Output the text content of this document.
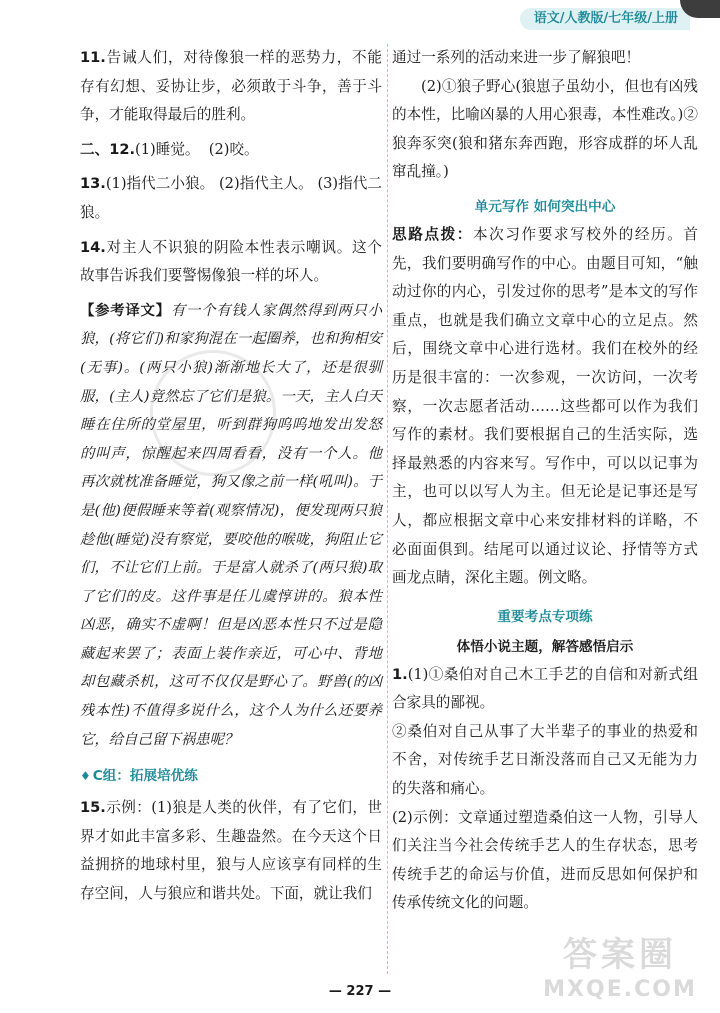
语文/人教版/七年级/上册

11.告诫人们，对待像狼一样的恶势力，不能存有幻想、妥协让步，必须敢于斗争，善于斗争，才能取得最后的胜利。

二、12.(1)睡觉。  (2)咬。

13.(1)指代二小狼。 (2)指代主人。 (3)指代二狼。

14.对主人不识狼的阴险本性表示嘲讽。这个故事告诉我们要警惕像狼一样的坏人。

【参考译文】有一个有钱人家偶然得到两只小狼，(将它们)和家狗混在一起圈养，也和狗相安(无事)。(两只小狼)渐渐地长大了，还是很驯服，(主人)竟然忘了它们是狼。一天，主人白天睡在住所的堂屋里，听到群狗呜呜地发出发怒的叫声，惊醒起来四周看看，没有一个人。他再次就枕准备睡觉，狗又像之前一样(吼叫)。于是(他)便假睡来等着(观察情况)，便发现两只狼趁他(睡觉)没有察觉，要咬他的喉咙，狗阻止它们，不让它们上前。于是富人就杀了(两只狼)取了它们的皮。这件事是任儿虞惇讲的。狼本性凶恶，确实不虚啊！但是凶恶本性只不过是隐藏起来罢了；表面上装作亲近，可心中、背地却包藏杀机，这可不仅仅是野心了。野兽(的凶残本性)不值得多说什么，这个人为什么还要养它，给自己留下祸患呢？

♦ C组：拓展培优练

15.示例：(1)狼是人类的伙伴，有了它们，世界才如此丰富多彩、生趣盎然。在今天这个日益拥挤的地球村里，狼与人应该享有同样的生存空间，人与狼应和谐共处。下面，就让我们

通过一系列的活动来进一步了解狼吧！

(2)①狼子野心(狼崽子虽幼小，但也有凶残的本性，比喻凶暴的人用心狠毒，本性难改。)②狼奔豕突(狼和猪东奔西跑，形容成群的坏人乱窜乱撞。)

单元写作 如何突出中心

思路点拨：本次习作要求写校外的经历。首先，我们要明确写作的中心。由题目可知，“触动过你的内心，引发过你的思考”是本文的写作重点，也就是我们确立文章中心的立足点。然后，围绕文章中心进行选材。我们在校外的经历是很丰富的：一次参观，一次访问，一次考察，一次志愿者活动……这些都可以作为我们写作的素材。我们要根据自己的生活实际，选择最熟悉的内容来写。写作中，可以以记事为主，也可以以写人为主。但无论是记事还是写人，都应根据文章中心来安排材料的详略，不必面面俱到。结尾可以通过议论、抒情等方式画龙点睛，深化主题。例文略。

重要考点专项练
体悟小说主题，解答感悟启示

1.(1)①桑伯对自己木工手艺的自信和对新式组合家具的鄙视。

②桑伯对自己从事了大半辈子的事业的热爱和不舍，对传统手艺日渐没落而自己又无能为力的失落和痛心。

(2)示例：文章通过塑造桑伯这一人物，引导人们关注当今社会传统手艺人的生存状态，思考传统手艺的命运与价值，进而反思如何保护和传承传统文化的问题。

— 227 —
答案圈
MXQE.COM
